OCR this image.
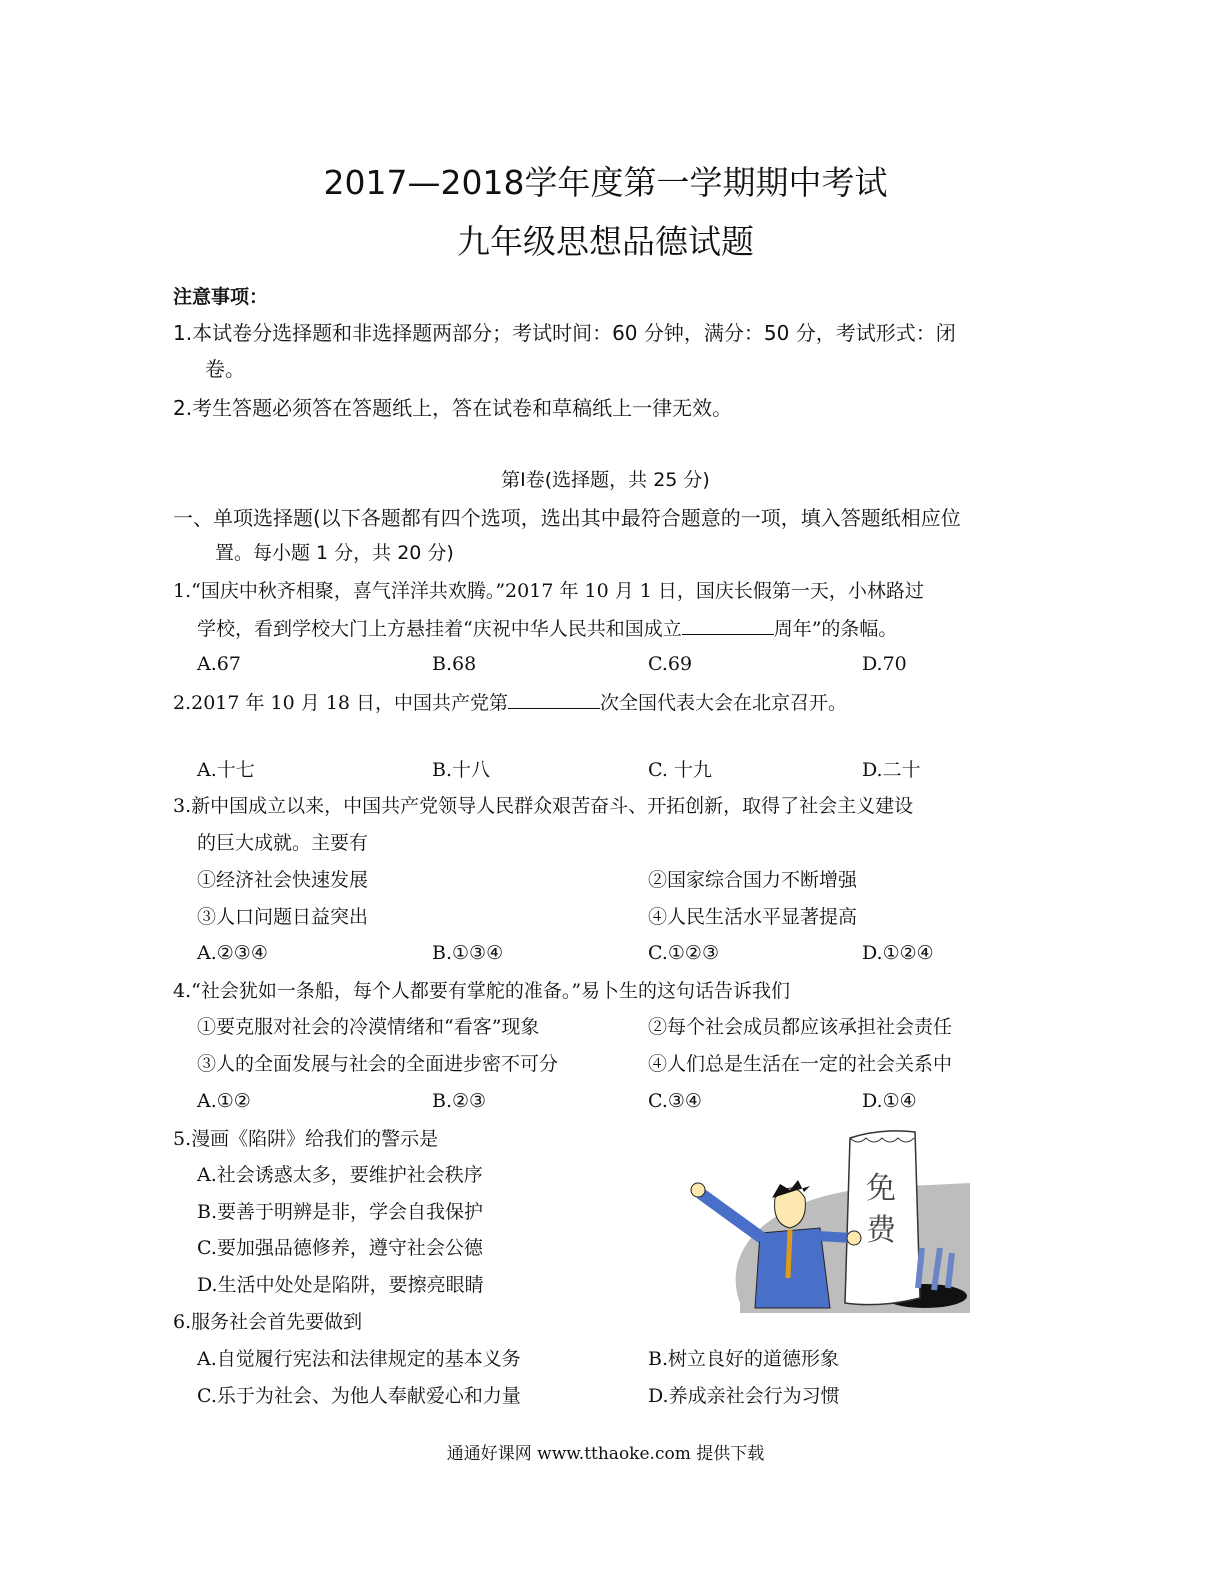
2017—2018学年度第一学期期中考试
九年级思想品德试题
注意事项：
1.本试卷分选择题和非选择题两部分；考试时间：60 分钟，满分：50 分，考试形式：闭
卷。
2.考生答题必须答在答题纸上，答在试卷和草稿纸上一律无效。
第Ⅰ卷(选择题，共 25 分)
一、单项选择题(以下各题都有四个选项，选出其中最符合题意的一项，填入答题纸相应位
置。每小题 1 分，共 20 分)
1.“国庆中秋齐相聚，喜气洋洋共欢腾。”2017 年 10 月 1 日，国庆长假第一天，小林路过
学校，看到学校大门上方悬挂着“庆祝中华人民共和国成立	周年”的条幅。
A.67	B.68	C.69	D.70
2.2017 年 10 月 18 日，中国共产党第	次全国代表大会在北京召开。
A.十七	B.十八	C. 十九	D.二十
3.新中国成立以来，中国共产党领导人民群众艰苦奋斗、开拓创新，取得了社会主义建设
的巨大成就。主要有
①经济社会快速发展	②国家综合国力不断增强
③人口问题日益突出	④人民生活水平显著提高
A.②③④	B.①③④	C.①②③	D.①②④
4.“社会犹如一条船，每个人都要有掌舵的准备。”易卜生的这句话告诉我们
①要克服对社会的冷漠情绪和“看客”现象	②每个社会成员都应该承担社会责任
③人的全面发展与社会的全面进步密不可分	④人们总是生活在一定的社会关系中
A.①②	B.②③	C.③④	D.①④
5.漫画《陷阱》给我们的警示是
A.社会诱惑太多，要维护社会秩序
B.要善于明辨是非，学会自我保护
C.要加强品德修养，遵守社会公德
D.生活中处处是陷阱，要擦亮眼睛
免
费
6.服务社会首先要做到
A.自觉履行宪法和法律规定的基本义务	B.树立良好的道德形象
C.乐于为社会、为他人奉献爱心和力量	D.养成亲社会行为习惯
通通好课网 www.tthaoke.com 提供下载
